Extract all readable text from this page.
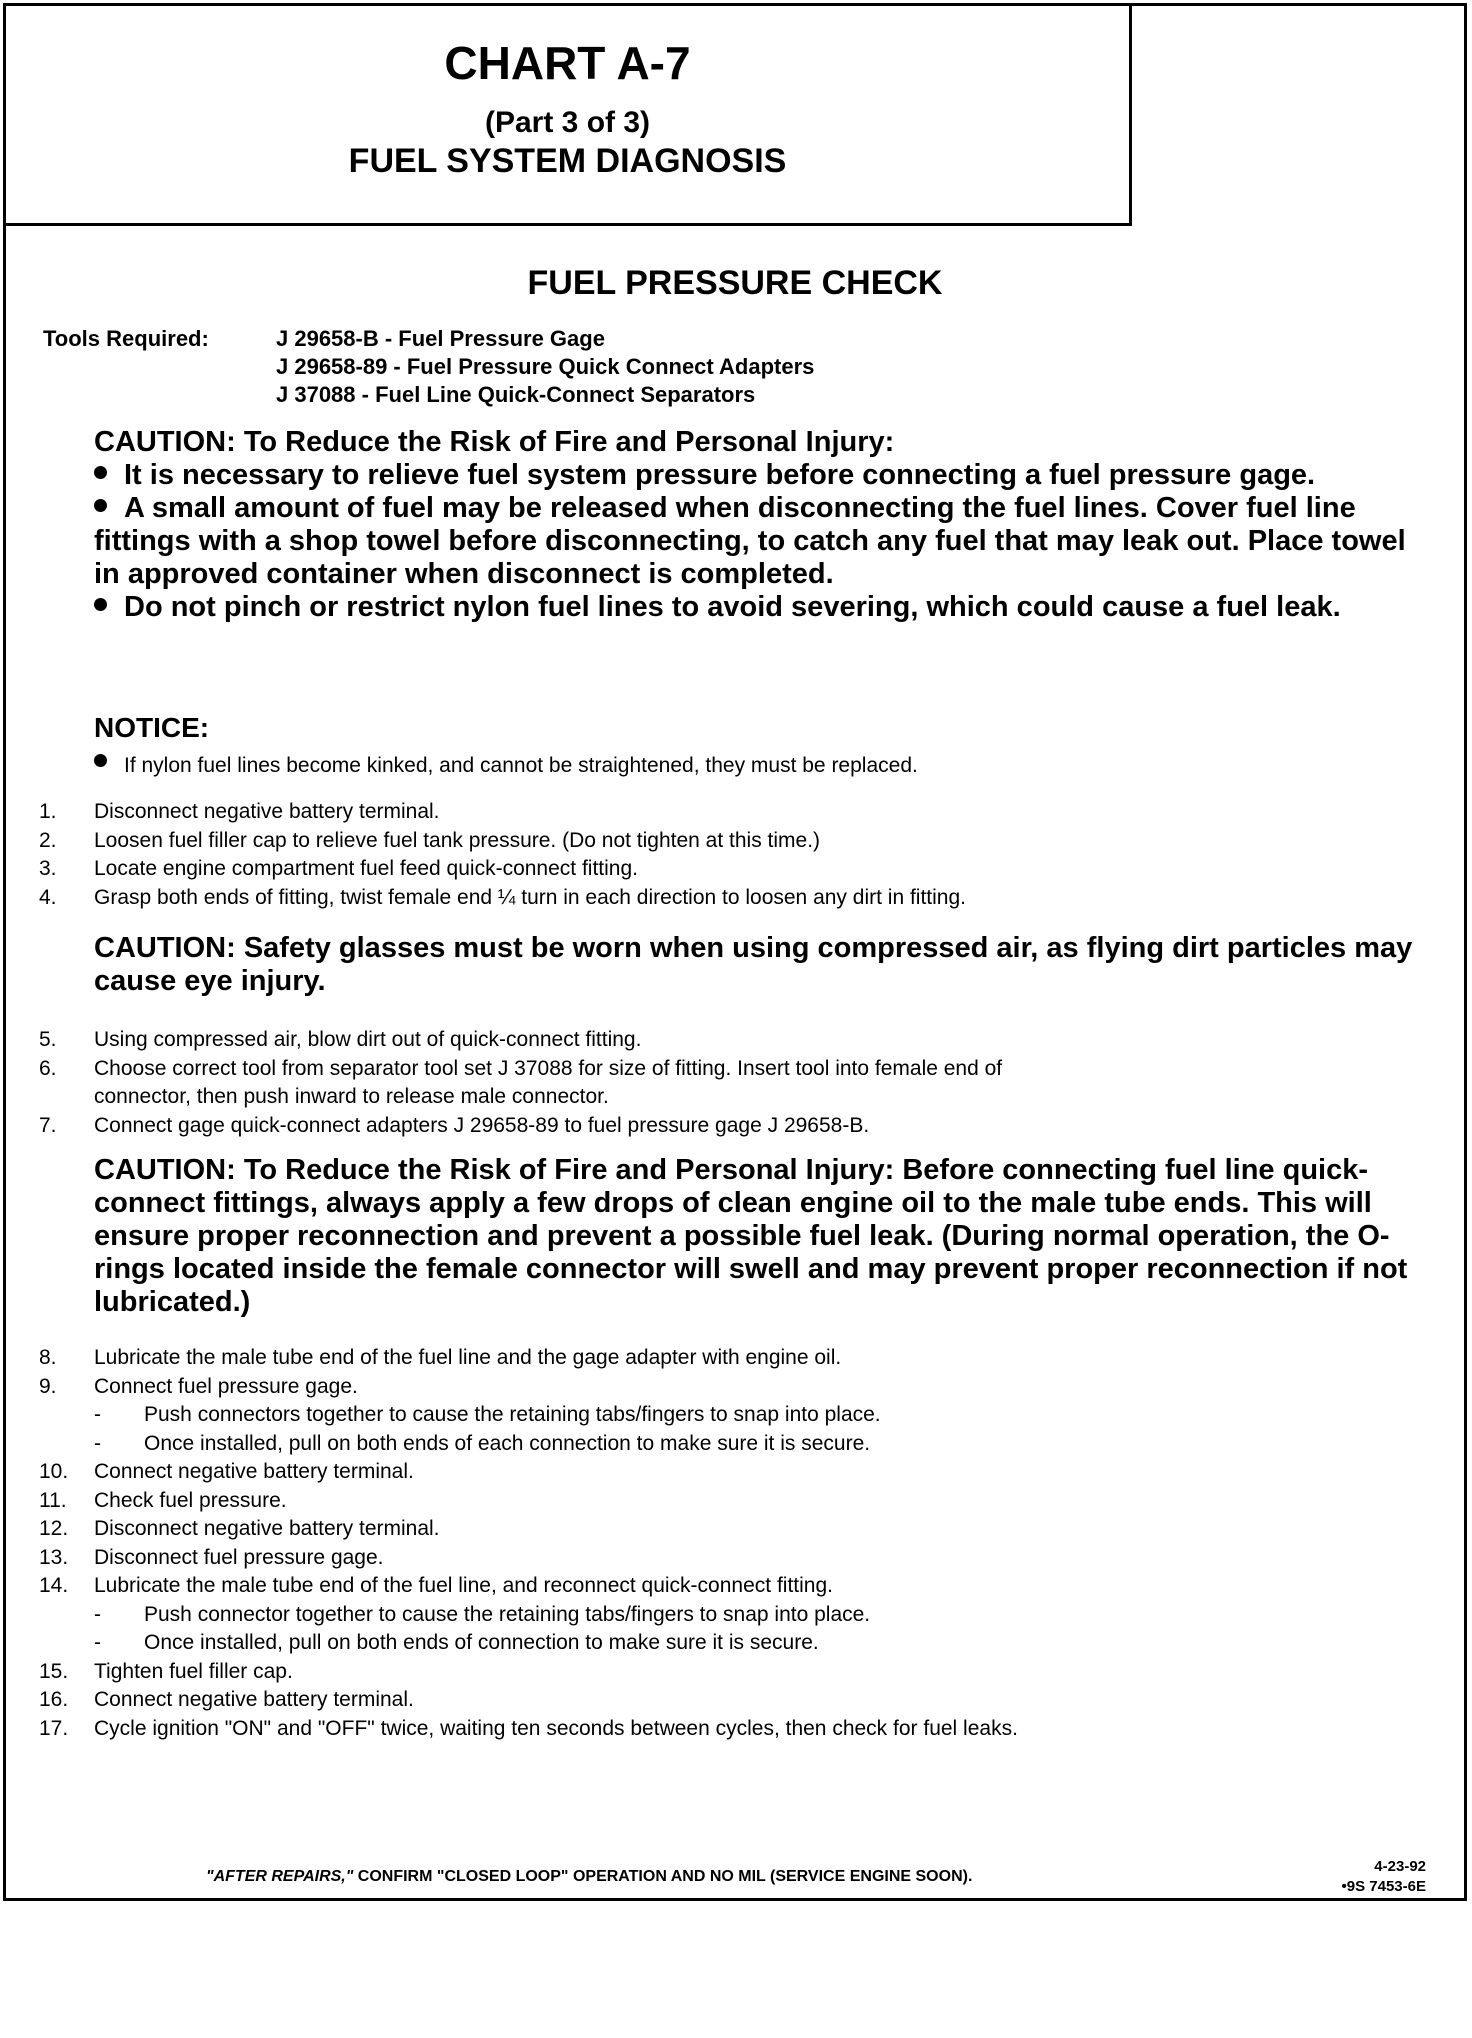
CHART A-7
(Part 3 of 3)
FUEL SYSTEM DIAGNOSIS
FUEL PRESSURE CHECK
Tools Required:	J 29658-B - Fuel Pressure Gage
J 29658-89 - Fuel Pressure Quick Connect Adapters
J 37088 - Fuel Line Quick-Connect Separators

CAUTION: To Reduce the Risk of Fire and Personal Injury:

It is necessary to relieve fuel system pressure before connecting a fuel pressure gage.

A small amount of fuel may be released when disconnecting the fuel lines. Cover fuel line fittings with a shop towel before disconnecting, to catch any fuel that may leak out. Place towel in approved container when disconnect is completed.

Do not pinch or restrict nylon fuel lines to avoid severing, which could cause a fuel leak.

NOTICE:
If nylon fuel lines become kinked, and cannot be straightened, they must be replaced.
1. Disconnect negative battery terminal.
2. Loosen fuel filler cap to relieve fuel tank pressure. (Do not tighten at this time.)
3. Locate engine compartment fuel feed quick-connect fitting.
4. Grasp both ends of fitting, twist female end ¼ turn in each direction to loosen any dirt in fitting.

CAUTION: Safety glasses must be worn when using compressed air, as flying dirt particles may cause eye injury.

5. Using compressed air, blow dirt out of quick-connect fitting.
6. Choose correct tool from separator tool set J 37088 for size of fitting. Insert tool into female end of
connector, then push inward to release male connector.
7. Connect gage quick-connect adapters J 29658-89 to fuel pressure gage J 29658-B.

CAUTION: To Reduce the Risk of Fire and Personal Injury: Before connecting fuel line quick-connect fittings, always apply a few drops of clean engine oil to the male tube ends. This will ensure proper reconnection and prevent a possible fuel leak. (During normal operation, the O-rings located inside the female connector will swell and may prevent proper reconnection if not lubricated.)

8. Lubricate the male tube end of the fuel line and the gage adapter with engine oil.
9. Connect fuel pressure gage.
- Push connectors together to cause the retaining tabs/fingers to snap into place.
- Once installed, pull on both ends of each connection to make sure it is secure.
10. Connect negative battery terminal.
11. Check fuel pressure.
12. Disconnect negative battery terminal.
13. Disconnect fuel pressure gage.
14. Lubricate the male tube end of the fuel line, and reconnect quick-connect fitting.
- Push connector together to cause the retaining tabs/fingers to snap into place.
- Once installed, pull on both ends of connection to make sure it is secure.
15. Tighten fuel filler cap.
16. Connect negative battery terminal.
17. Cycle ignition "ON" and "OFF" twice, waiting ten seconds between cycles, then check for fuel leaks.
"AFTER REPAIRS," CONFIRM "CLOSED LOOP" OPERATION AND NO MIL (SERVICE ENGINE SOON).
4-23-92
•9S 7453-6E
